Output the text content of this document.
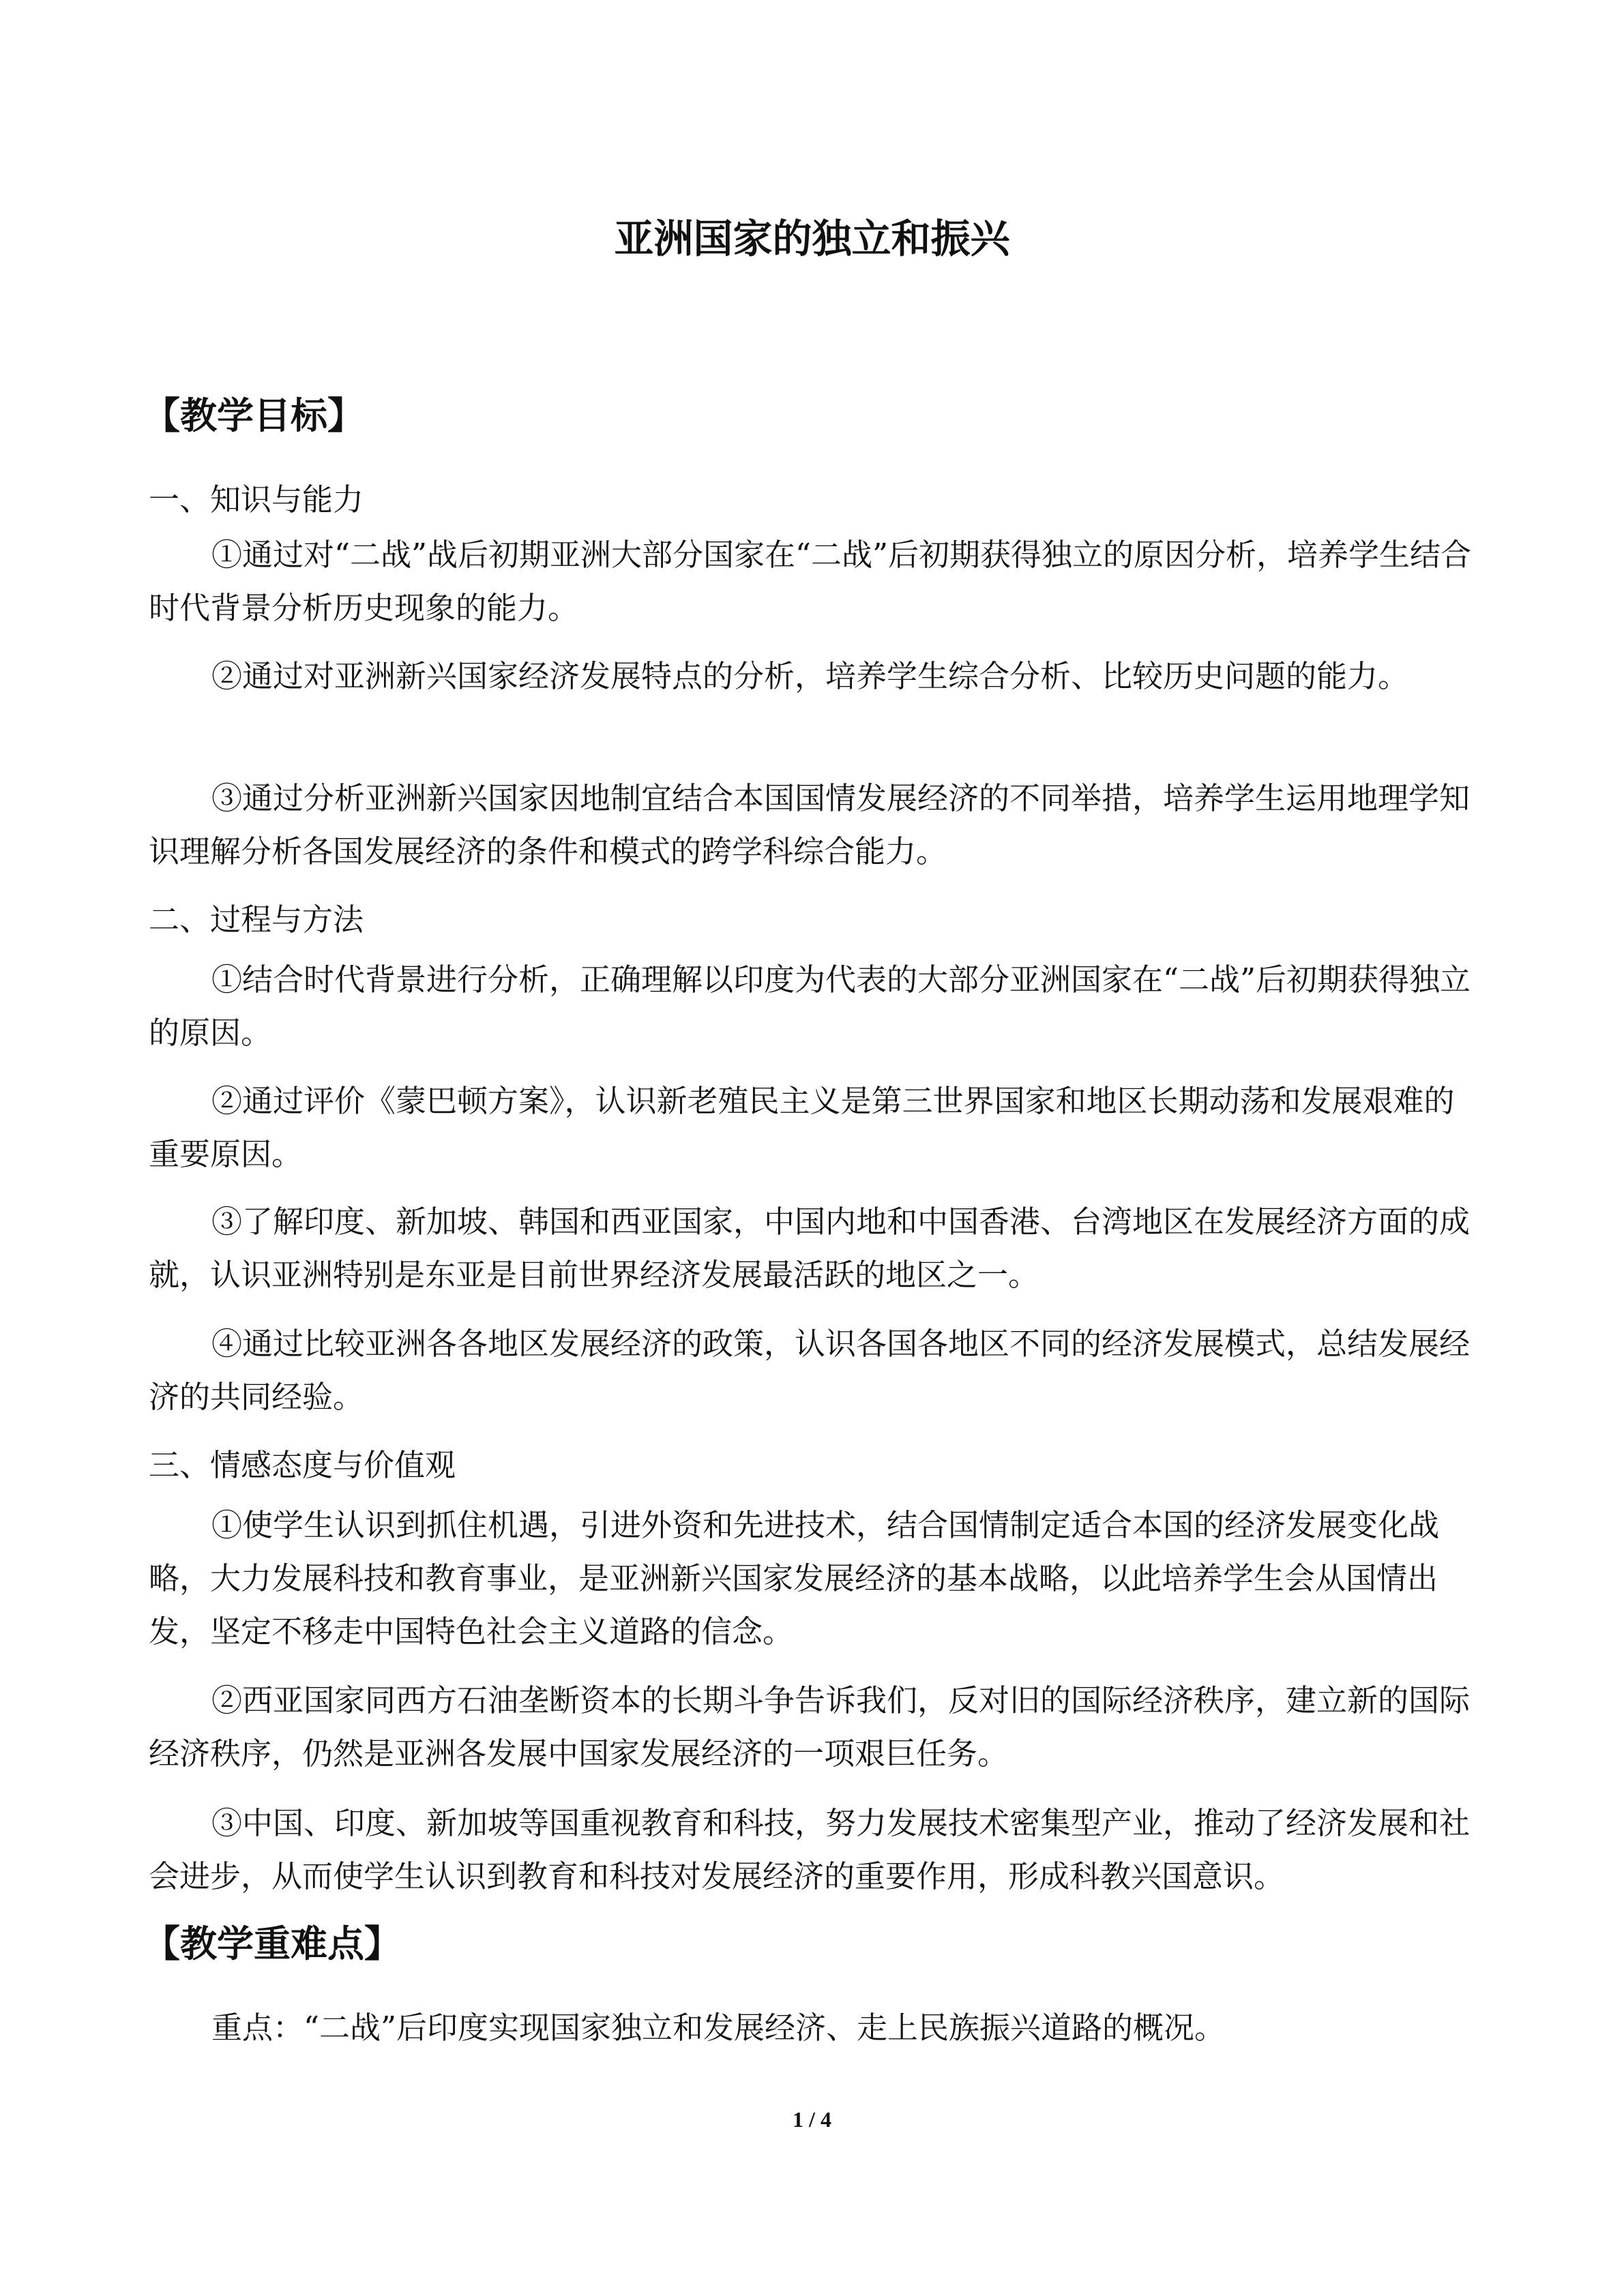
亚洲国家的独立和振兴
【教学目标】
一、知识与能力
①通过对“二战”战后初期亚洲大部分国家在“二战”后初期获得独立的原因分析，培养学生结合时代背景分析历史现象的能力。
②通过对亚洲新兴国家经济发展特点的分析，培养学生综合分析、比较历史问题的能力。
③通过分析亚洲新兴国家因地制宜结合本国国情发展经济的不同举措，培养学生运用地理学知识理解分析各国发展经济的条件和模式的跨学科综合能力。
二、过程与方法
①结合时代背景进行分析，正确理解以印度为代表的大部分亚洲国家在“二战”后初期获得独立的原因。
②通过评价《蒙巴顿方案》，认识新老殖民主义是第三世界国家和地区长期动荡和发展艰难的重要原因。
③了解印度、新加坡、韩国和西亚国家，中国内地和中国香港、台湾地区在发展经济方面的成就，认识亚洲特别是东亚是目前世界经济发展最活跃的地区之一。
④通过比较亚洲各各地区发展经济的政策，认识各国各地区不同的经济发展模式，总结发展经济的共同经验。
三、情感态度与价值观
①使学生认识到抓住机遇，引进外资和先进技术，结合国情制定适合本国的经济发展变化战略，大力发展科技和教育事业，是亚洲新兴国家发展经济的基本战略，以此培养学生会从国情出发，坚定不移走中国特色社会主义道路的信念。
②西亚国家同西方石油垄断资本的长期斗争告诉我们，反对旧的国际经济秩序，建立新的国际经济秩序，仍然是亚洲各发展中国家发展经济的一项艰巨任务。
③中国、印度、新加坡等国重视教育和科技，努力发展技术密集型产业，推动了经济发展和社会进步，从而使学生认识到教育和科技对发展经济的重要作用，形成科教兴国意识。
【教学重难点】
重点：“二战”后印度实现国家独立和发展经济、走上民族振兴道路的概况。
1 / 4
